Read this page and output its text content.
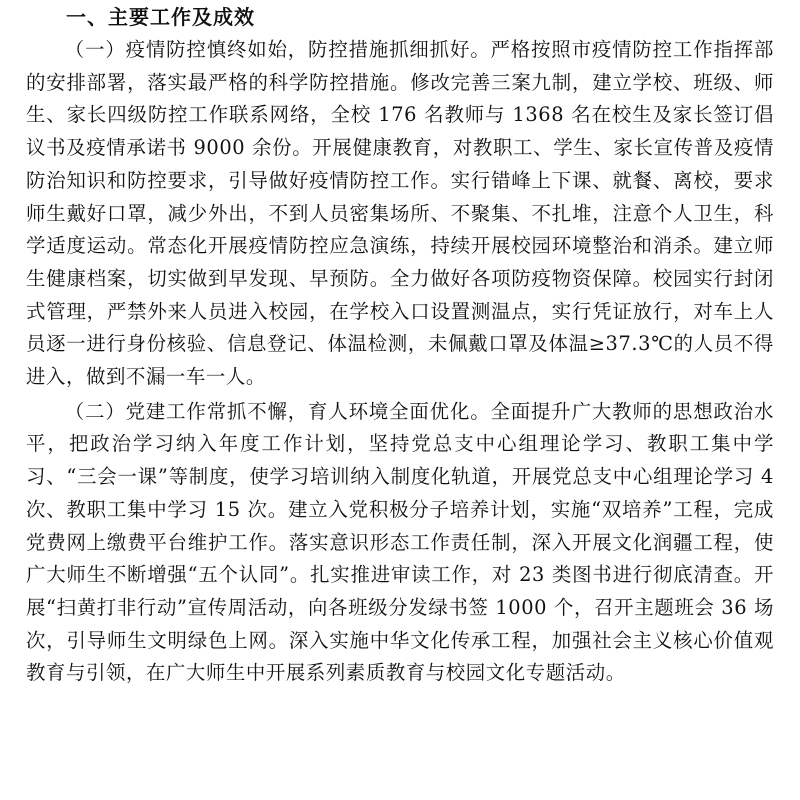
一、主要工作及成效

（一）疫情防控慎终如始，防控措施抓细抓好。严格按照市疫情防控工作指挥部的安排部署，落实最严格的科学防控措施。修改完善三案九制，建立学校、班级、师生、家长四级防控工作联系网络，全校 176 名教师与 1368 名在校生及家长签订倡议书及疫情承诺书 9000 余份。开展健康教育，对教职工、学生、家长宣传普及疫情防治知识和防控要求，引导做好疫情防控工作。实行错峰上下课、就餐、离校，要求师生戴好口罩，减少外出，不到人员密集场所、不聚集、不扎堆，注意个人卫生，科学适度运动。常态化开展疫情防控应急演练，持续开展校园环境整治和消杀。建立师生健康档案，切实做到早发现、早预防。全力做好各项防疫物资保障。校园实行封闭式管理，严禁外来人员进入校园，在学校入口设置测温点，实行凭证放行，对车上人员逐一进行身份核验、信息登记、体温检测，未佩戴口罩及体温≥37.3℃的人员不得进入，做到不漏一车一人。

（二）党建工作常抓不懈，育人环境全面优化。全面提升广大教师的思想政治水平，把政治学习纳入年度工作计划，坚持党总支中心组理论学习、教职工集中学习、“三会一课”等制度，使学习培训纳入制度化轨道，开展党总支中心组理论学习 4 次、教职工集中学习 15 次。建立入党积极分子培养计划，实施“双培养”工程，完成党费网上缴费平台维护工作。落实意识形态工作责任制，深入开展文化润疆工程，使广大师生不断增强“五个认同”。扎实推进审读工作，对 23 类图书进行彻底清查。开展“扫黄打非行动”宣传周活动，向各班级分发绿书签 1000 个，召开主题班会 36 场次，引导师生文明绿色上网。深入实施中华文化传承工程，加强社会主义核心价值观教育与引领，在广大师生中开展系列素质教育与校园文化专题活动。
